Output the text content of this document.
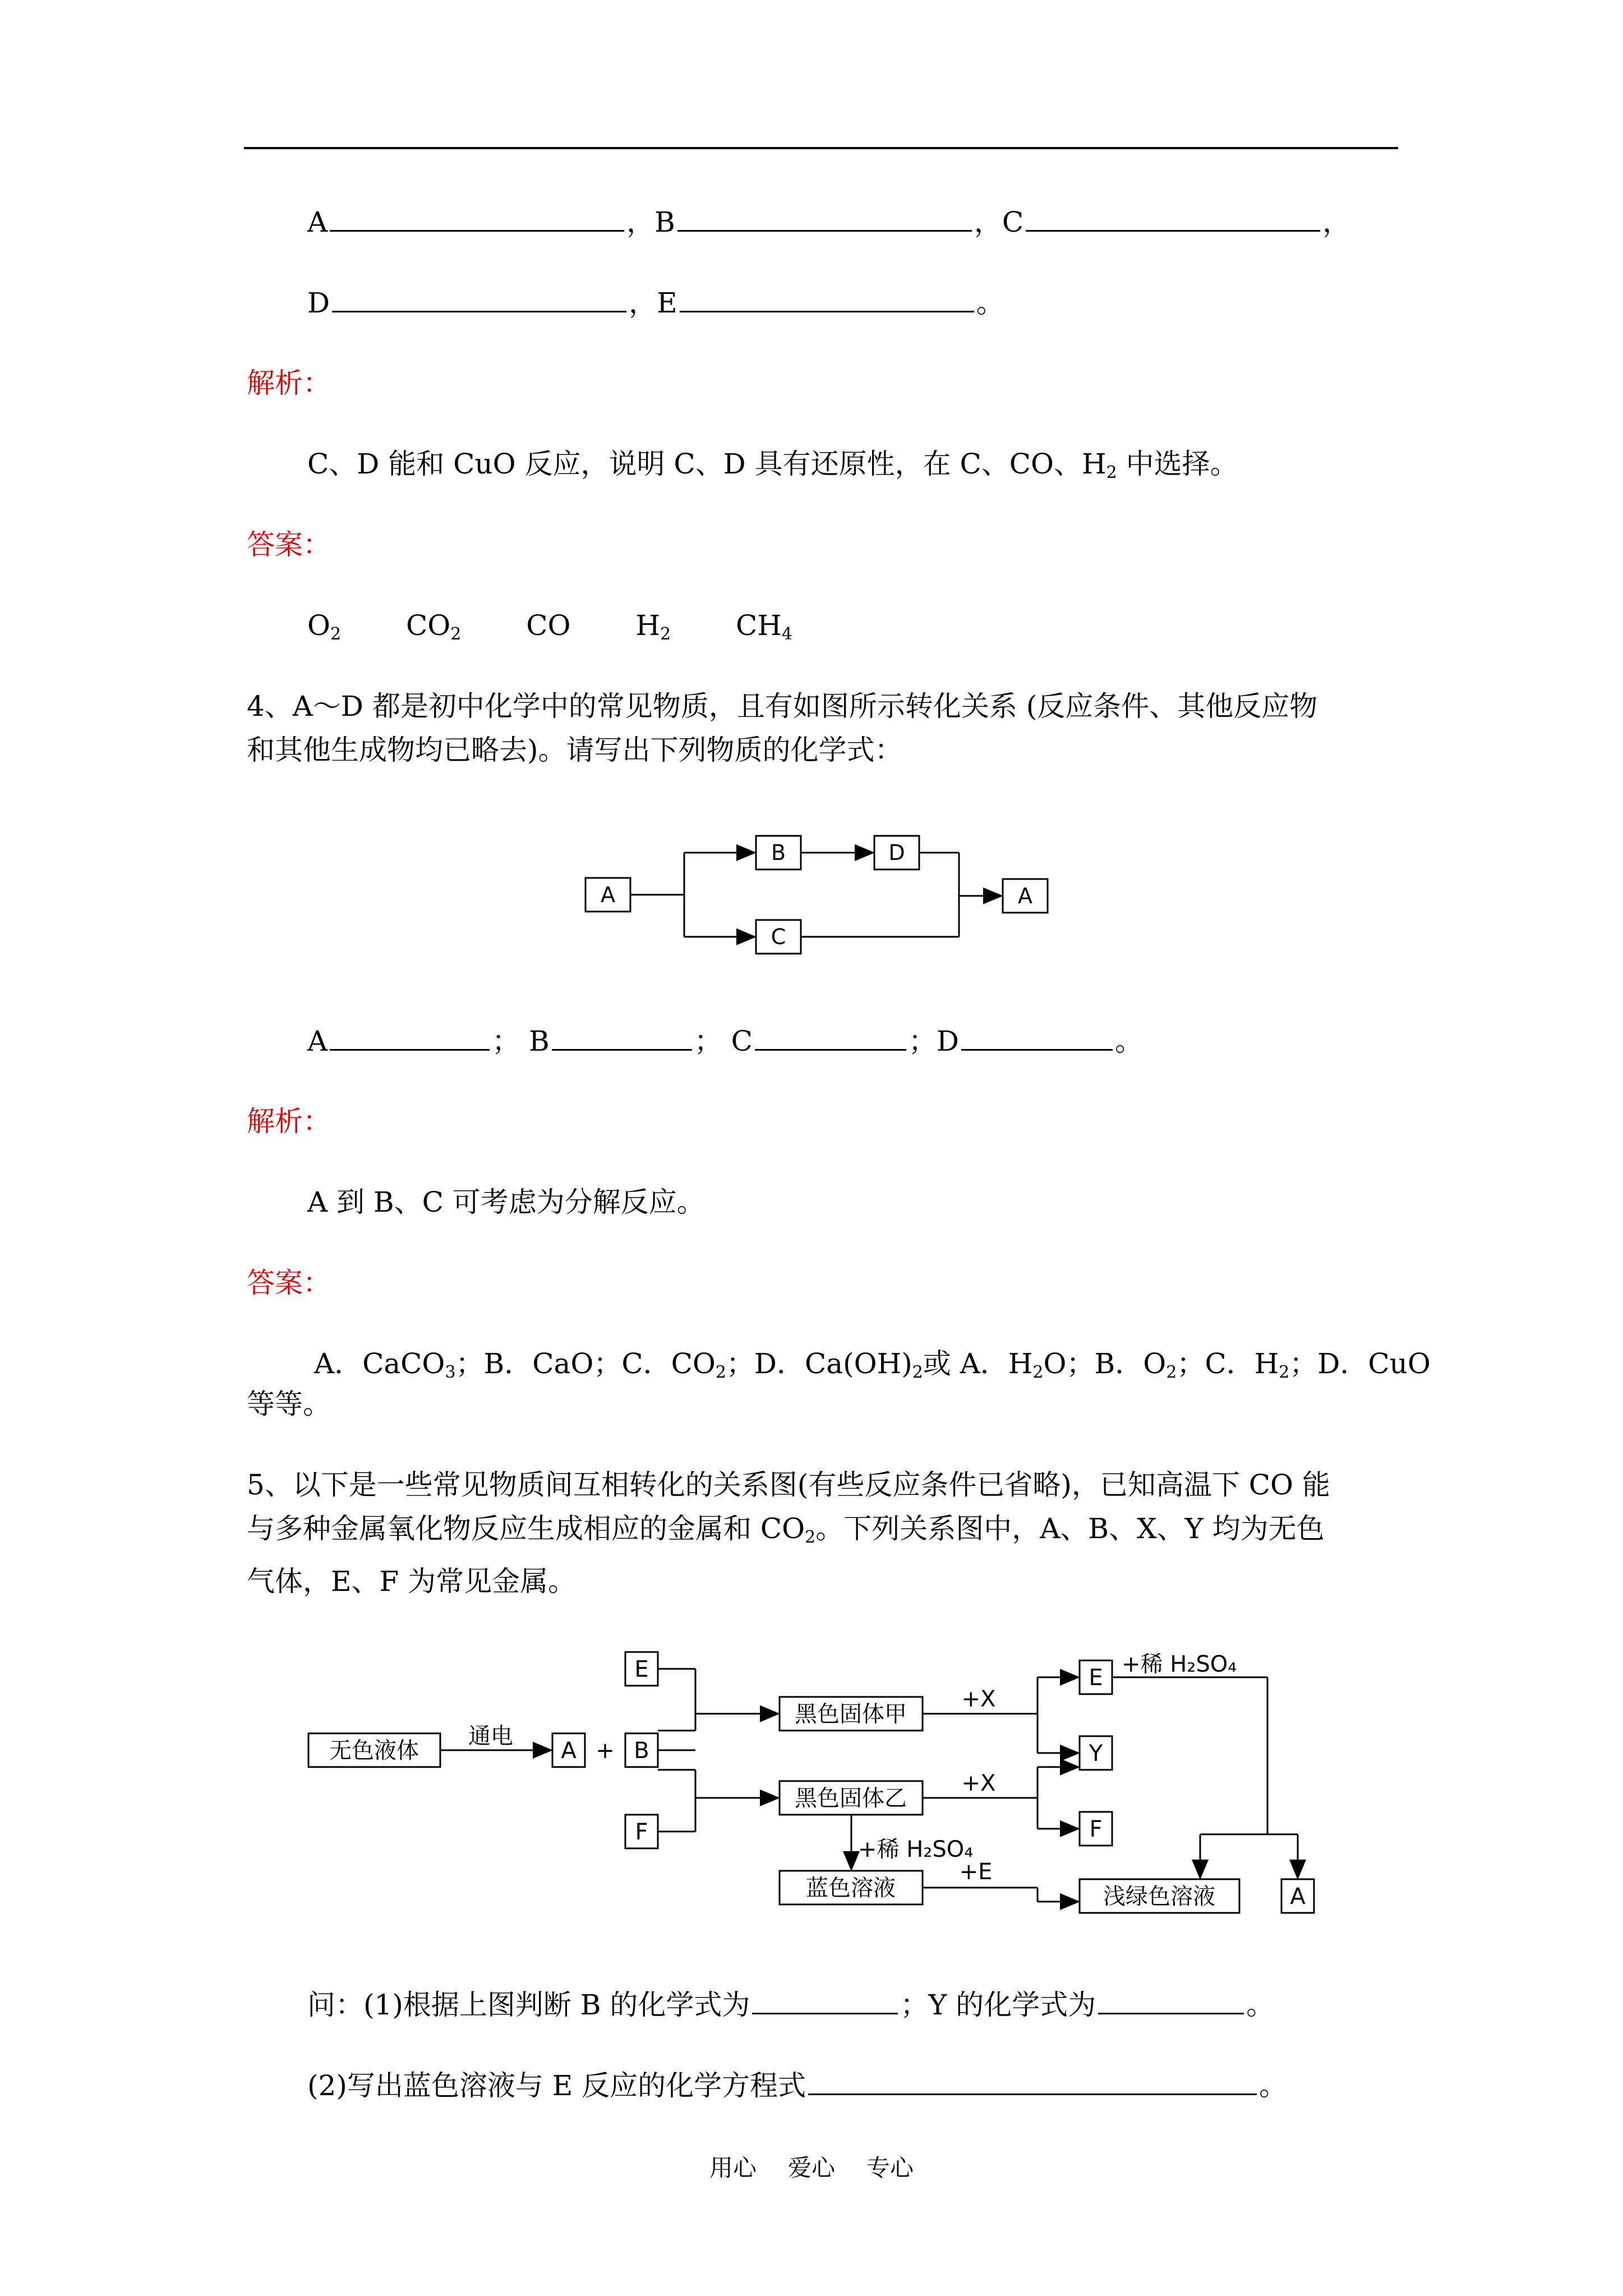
A	，B	，C	，
D	，E	。
解析：
C、D 能和 CuO 反应，说明 C、D 具有还原性，在 C、CO、$H_2$ 中选择。
答案：
$O_2$ $CO_2$ CO $H_2$ $CH_4$
4、A～D 都是初中化学中的常见物质，且有如图所示转化关系 (反应条件、其他反应物
和其他生成物均已略去)。请写出下列物质的化学式：
A
B	D
C
A
A	； B	； C	；D	。
解析：
A 到 B、C 可考虑为分解反应。
答案：
A．CaCO$_3$；B．CaO；C．$CO_2$；D．$Ca(OH)_2$或 A．$H_2O$；B．$O_2$；C．$H_2$；D．CuO
等等。
5、以下是一些常见物质间互相转化的关系图(有些反应条件已省略)，已知高温下 CO 能
与多种金属氧化物反应生成相应的金属和 $CO_2$。下列关系图中，A、B、X、Y 均为无色
气体，E、F 为常见金属。
无色液体
通电
A + B
E
F
黑色固体甲
黑色固体乙
蓝色溶液
+X
+X
E
Y
F
浅绿色溶液	A
+稀 H₂SO₄
+稀 H₂SO₄
+E
问：(1)根据上图判断 B 的化学式为	；Y 的化学式为	。
(2)写出蓝色溶液与 E 反应的化学方程式	。
用心 爱心 专心
